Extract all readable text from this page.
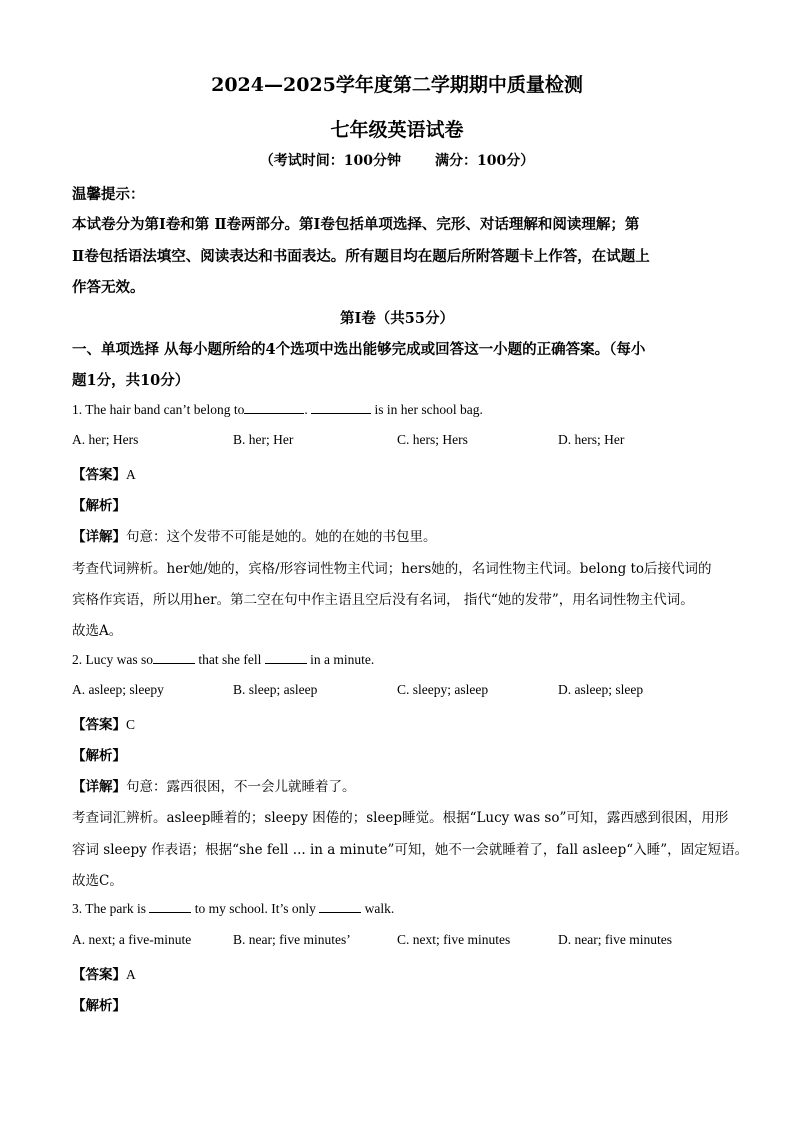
2024—2025学年度第二学期期中质量检测
七年级英语试卷
（考试时间：100分钟 满分：100分）
温馨提示：
本试卷分为第Ⅰ卷和第 Ⅱ卷两部分。第Ⅰ卷包括单项选择、完形、对话理解和阅读理解；第
Ⅱ卷包括语法填空、阅读表达和书面表达。所有题目均在题后所附答题卡上作答，在试题上
作答无效。
第Ⅰ卷（共55分）
一、单项选择 从每小题所给的4个选项中选出能够完成或回答这一小题的正确答案。（每小
题1分，共10分）
1. The hair band can’t belong to	.	is in her school bag.
A. her; Hers	B. her; Her	C. hers; Hers	D. hers; Her
【答案】A
【解析】
【详解】句意：这个发带不可能是她的。她的在她的书包里。
考查代词辨析。her她/她的，宾格/形容词性物主代词；hers她的，名词性物主代词。belong to后接代词的
宾格作宾语，所以用her。第二空在句中作主语且空后没有名词， 指代“她的发带”，用名词性物主代词。
故选A。
2. Lucy was so	that she fell	in a minute.
A. asleep; sleepy	B. sleep; asleep	C. sleepy; asleep	D. asleep; sleep
【答案】C
【解析】
【详解】句意：露西很困，不一会儿就睡着了。
考查词汇辨析。asleep睡着的；sleepy 困倦的；sleep睡觉。根据“Lucy was so”可知，露西感到很困，用形
容词 sleepy 作表语；根据“she fell ... in a minute”可知，她不一会就睡着了，fall asleep“入睡”，固定短语。
故选C。
3. The park is	to my school. It’s only	walk.
A. next; a five-minute	B. near; five minutes’	C. next; five minutes	D. near; five minutes
【答案】A
【解析】
